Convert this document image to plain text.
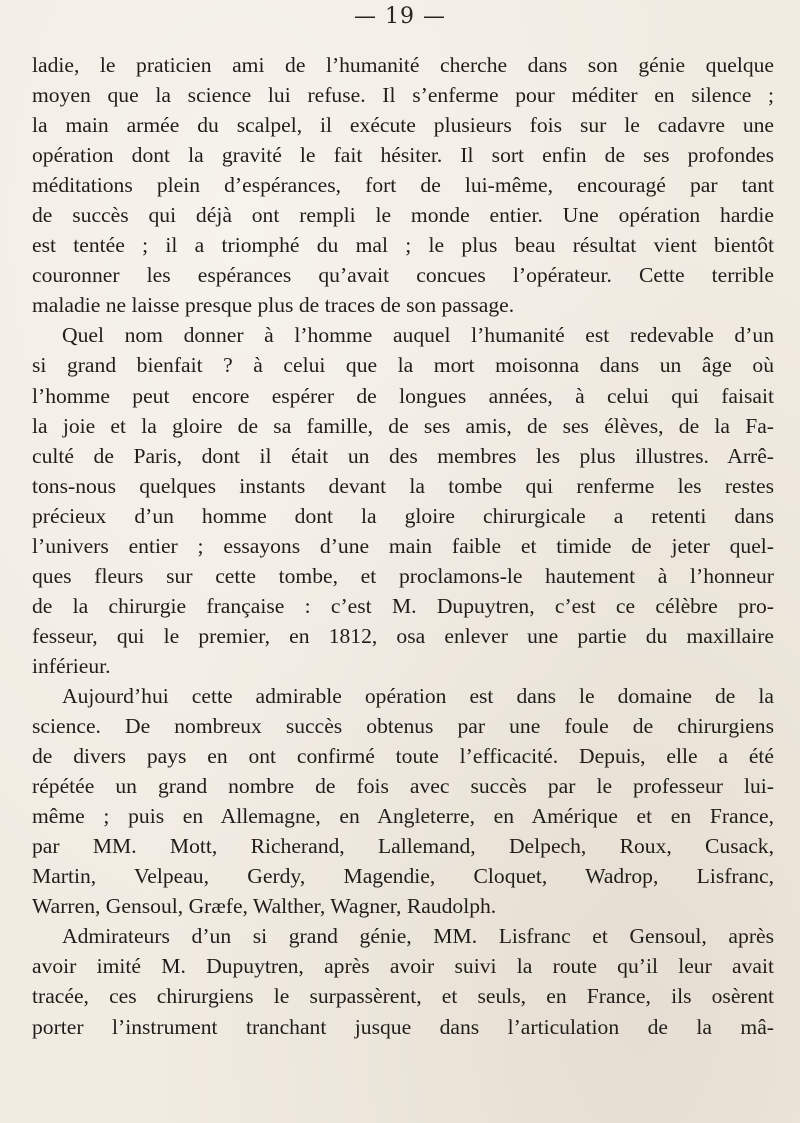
— 19 —

ladie, le praticien ami de l’humanité cherche dans son génie quelque
moyen que la science lui refuse. Il s’enferme pour méditer en silence ;
la main armée du scalpel, il exécute plusieurs fois sur le cadavre une
opération dont la gravité le fait hésiter. Il sort enfin de ses profondes
méditations plein d’espérances, fort de lui-même, encouragé par tant
de succès qui déjà ont rempli le monde entier. Une opération hardie
est tentée ; il a triomphé du mal ; le plus beau résultat vient bientôt
couronner les espérances qu’avait concues l’opérateur. Cette terrible
maladie ne laisse presque plus de traces de son passage.

Quel nom donner à l’homme auquel l’humanité est redevable d’un
si grand bienfait ? à celui que la mort moisonna dans un âge où
l’homme peut encore espérer de longues années, à celui qui faisait
la joie et la gloire de sa famille, de ses amis, de ses élèves, de la Fa-
culté de Paris, dont il était un des membres les plus illustres. Arrê-
tons-nous quelques instants devant la tombe qui renferme les restes
précieux d’un homme dont la gloire chirurgicale a retenti dans
l’univers entier ; essayons d’une main faible et timide de jeter quel-
ques fleurs sur cette tombe, et proclamons-le hautement à l’honneur
de la chirurgie française : c’est M. Dupuytren, c’est ce célèbre pro-
fesseur, qui le premier, en 1812, osa enlever une partie du maxillaire
inférieur.

Aujourd’hui cette admirable opération est dans le domaine de la
science. De nombreux succès obtenus par une foule de chirurgiens
de divers pays en ont confirmé toute l’efficacité. Depuis, elle a été
répétée un grand nombre de fois avec succès par le professeur lui-
même ; puis en Allemagne, en Angleterre, en Amérique et en France,
par MM. Mott, Richerand, Lallemand, Delpech, Roux, Cusack,
Martin, Velpeau, Gerdy, Magendie, Cloquet, Wadrop, Lisfranc,
Warren, Gensoul, Græfe, Walther, Wagner, Raudolph.

Admirateurs d’un si grand génie, MM. Lisfranc et Gensoul, après
avoir imité M. Dupuytren, après avoir suivi la route qu’il leur avait
tracée, ces chirurgiens le surpassèrent, et seuls, en France, ils osèrent
porter l’instrument tranchant jusque dans l’articulation de la mâ-
